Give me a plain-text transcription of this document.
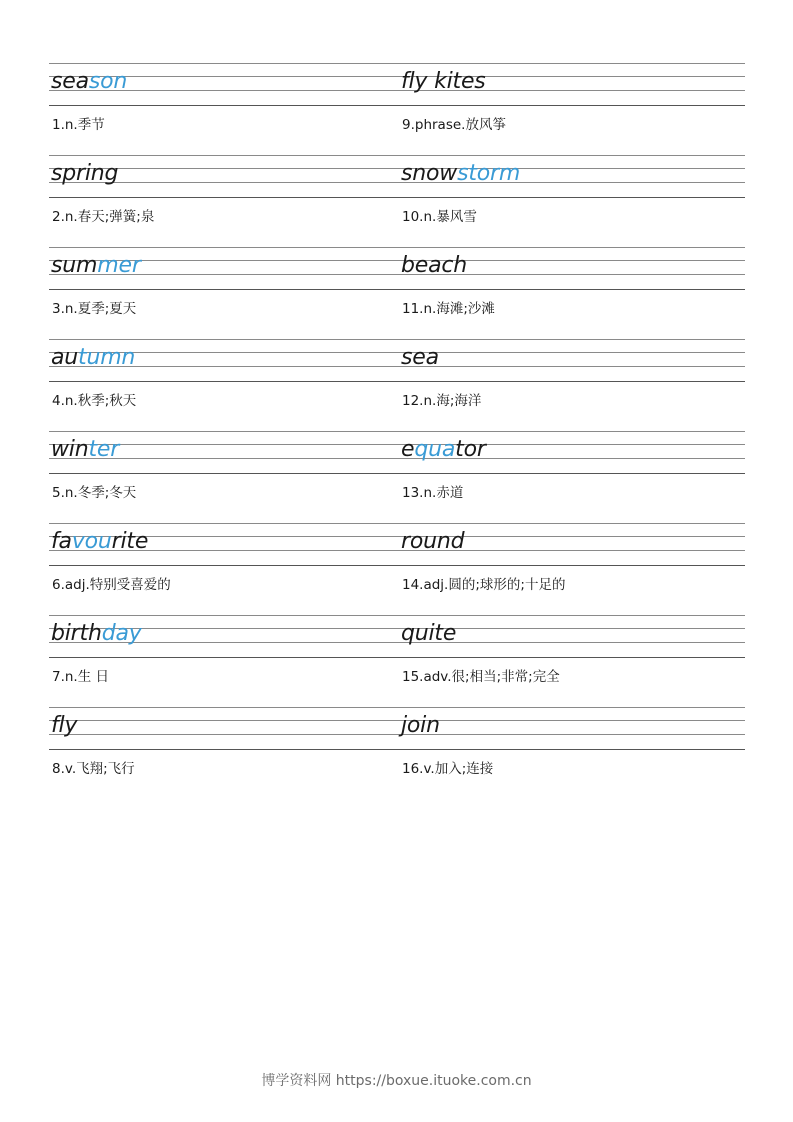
season
1.n.季节
fly kites
9.phrase.放风筝
spring
2.n.春天;弹簧;泉
snowstorm
10.n.暴风雪
summer
3.n.夏季;夏天
beach
11.n.海滩;沙滩
autumn
4.n.秋季;秋天
sea
12.n.海;海洋
winter
5.n.冬季;冬天
equator
13.n.赤道
favourite
6.adj.特别受喜爱的
round
14.adj.圆的;球形的;十足的
birthday
7.n.生 日
quite
15.adv.很;相当;非常;完全
fly
8.v.飞翔;飞行
join
16.v.加入;连接
博学资料网 https://boxue.ituoke.com.cn
